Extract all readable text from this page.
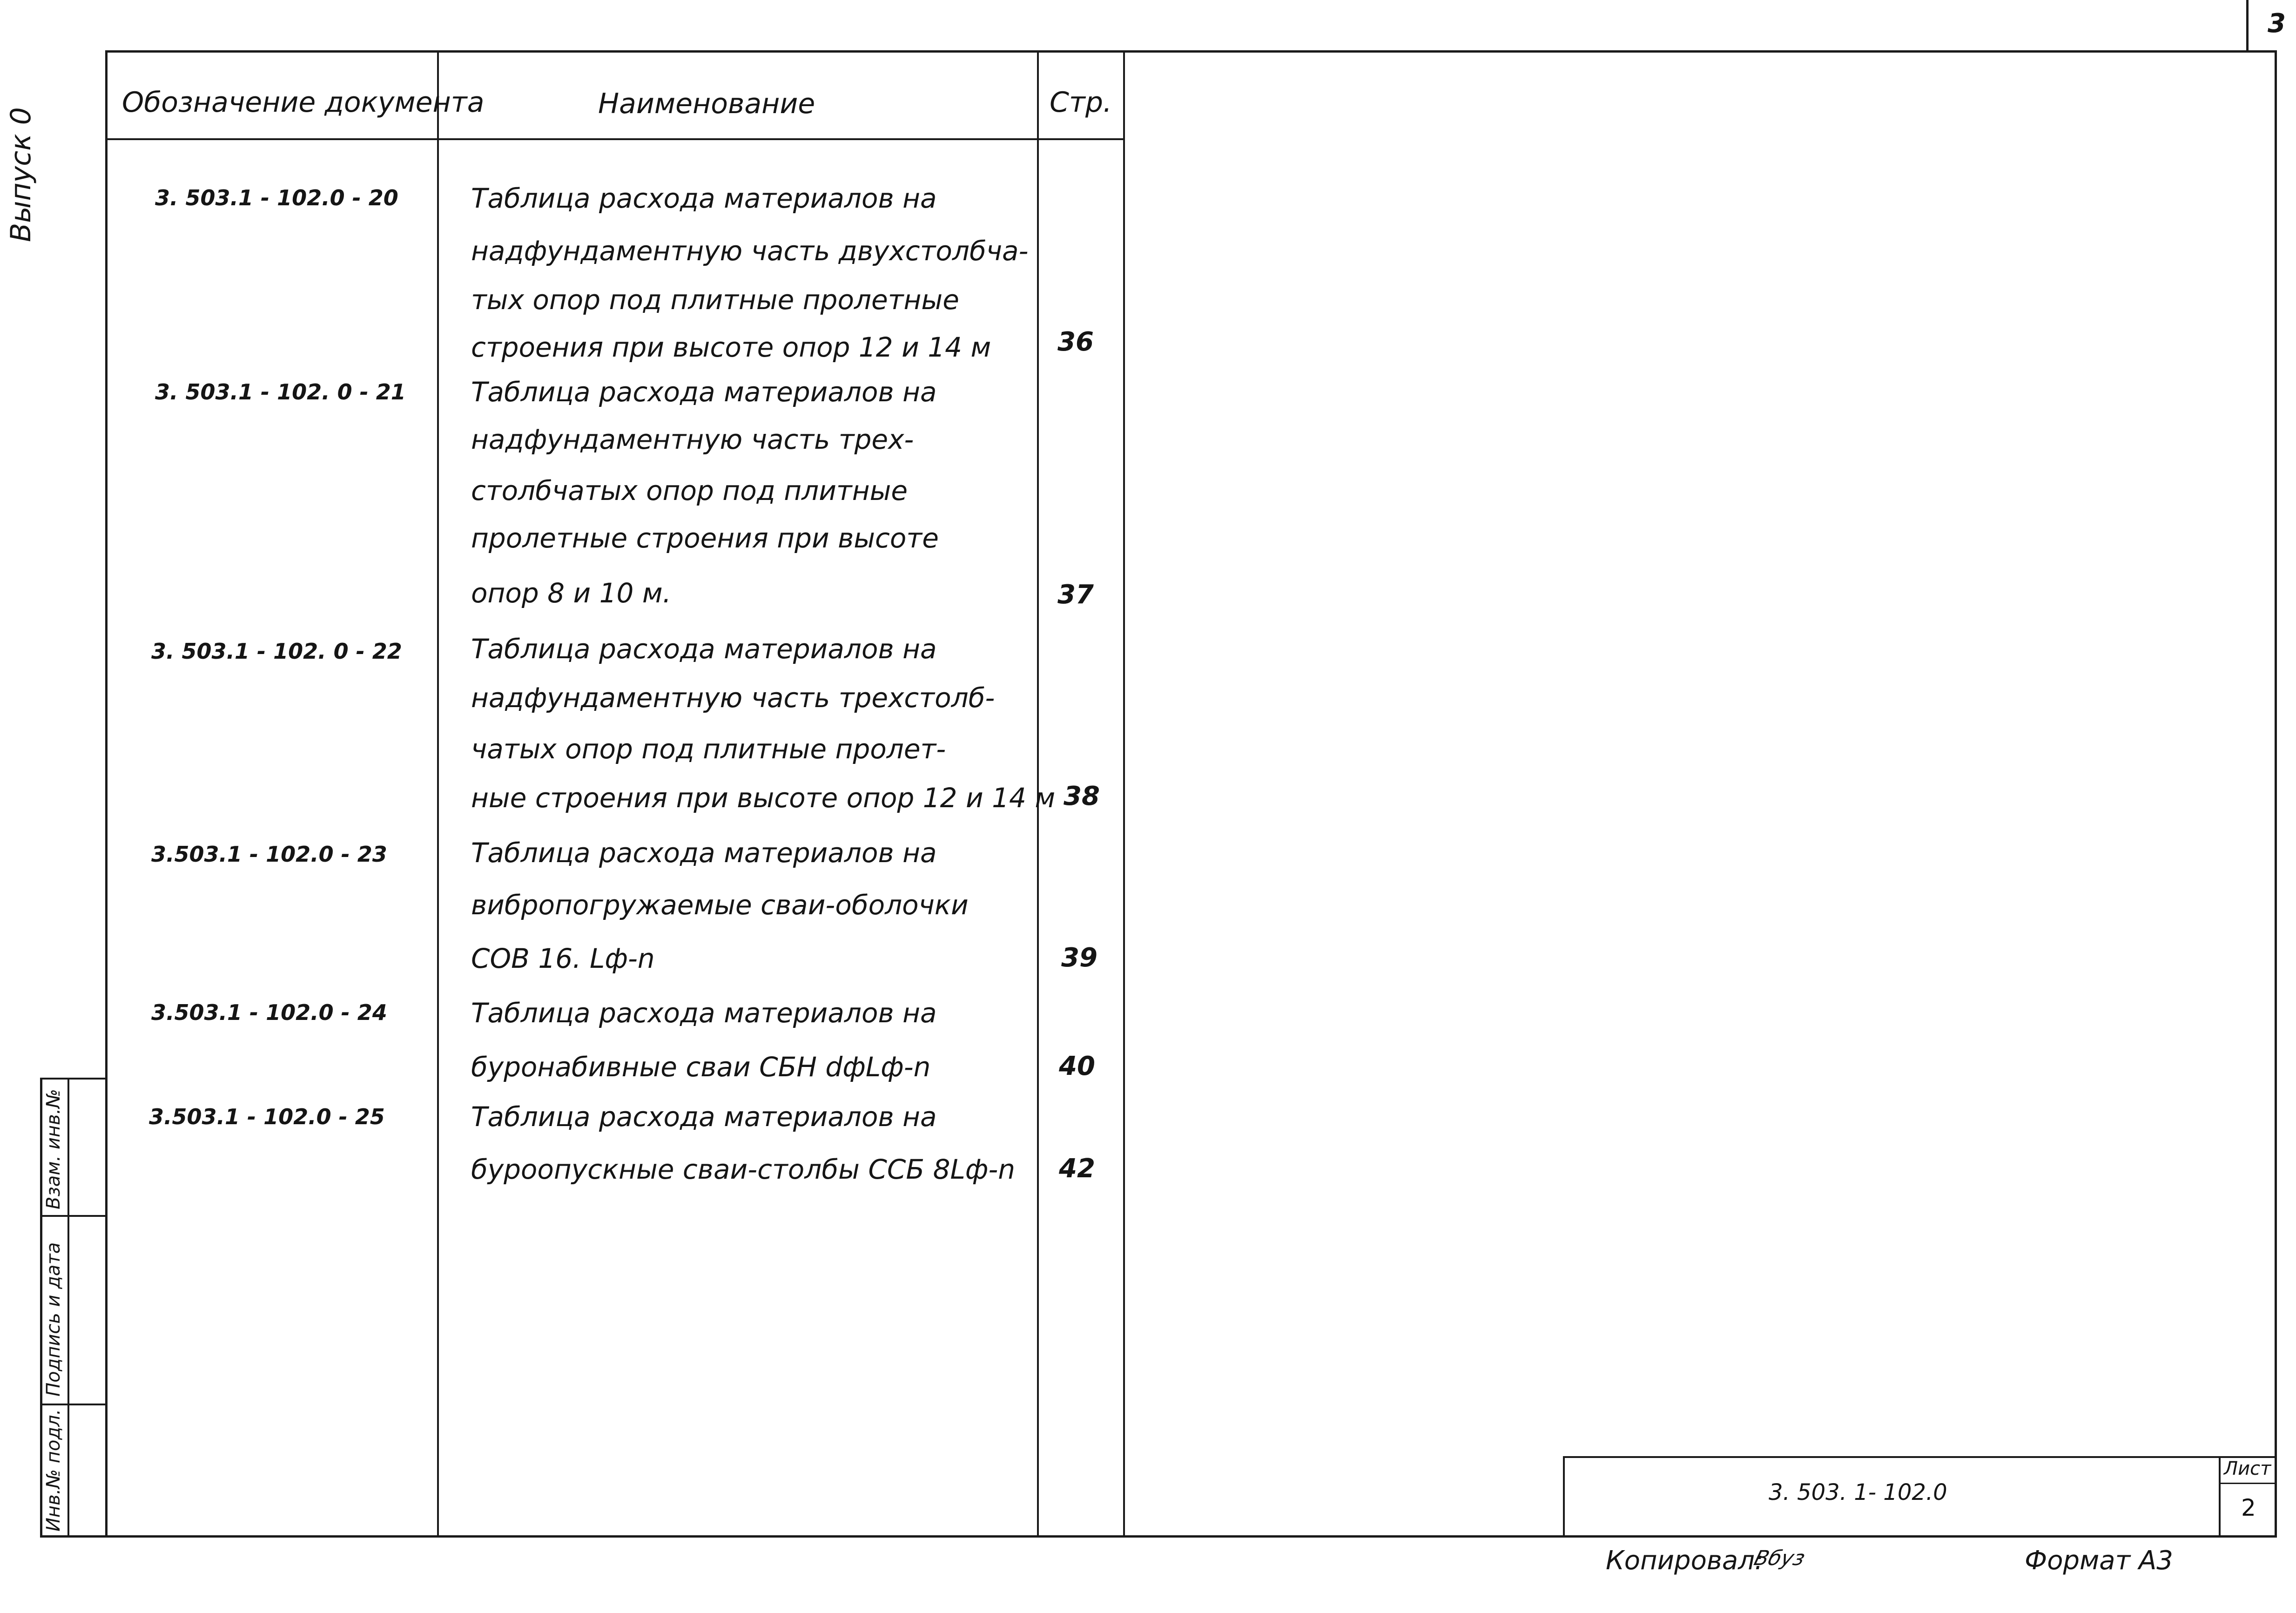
3
Обозначение документа	Наименование	Стр.
Выпуск 0	3. 503.1 - 102.0 - 20	Таблица расхода материалов на
надфундаментную часть двухстолбча-
тых опор под плитные пролетные
строения при высоте опор 12 и 14 м	36
3. 503.1 - 102. 0 - 21 Таблица расхода материалов на
надфундаментную часть трех-
столбчатых опор под плитные
пролетные строения при высоте
опор 8 и 10 м.	37
3. 503.1 - 102. 0 - 22	Таблица расхода материалов на
надфундаментную часть трехстолб-
чатых опор под плитные пролет-
ные строения при высоте опор 12 и 14 м 38
3.503.1 - 102.0 - 23	Таблица расхода материалов на
вибропогружаемые сваи-оболочки
СОВ 16. Lф-n	39
3.503.1 - 102.0 - 24	Таблица расхода материалов на
буронабивные сваи СБН dфLф-n	40
3.503.1 - 102.0 - 25	Таблица расхода материалов на
буроопускные сваи-столбы ССБ 8Lф-n 42
Инв.№ подл.
Подпись и дата
Взам. инв.№
3. 503. 1- 102.0
Лист
2
Копировал:
Вбуз	Формат А3
